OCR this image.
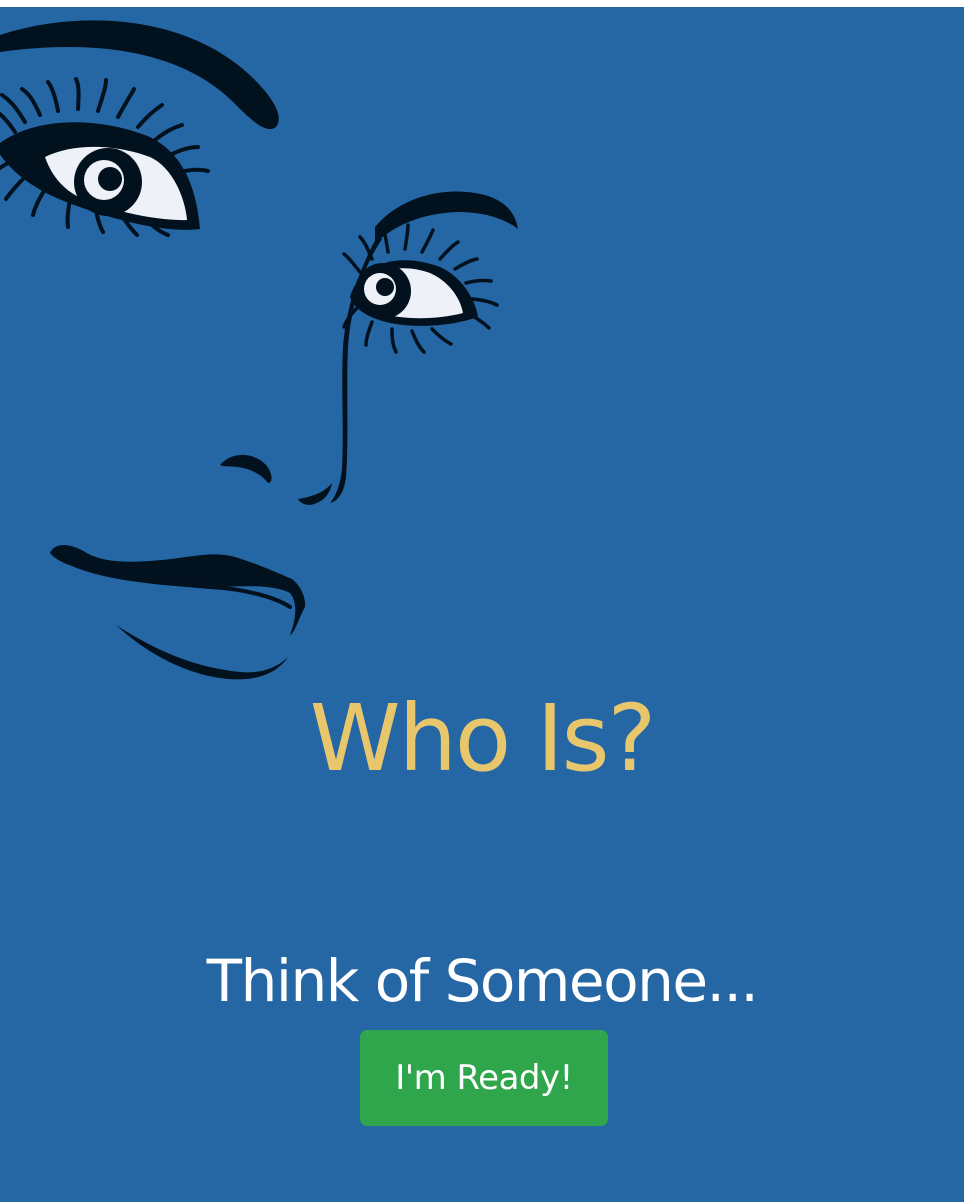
Who Is?
Think of Someone...
I'm Ready!
